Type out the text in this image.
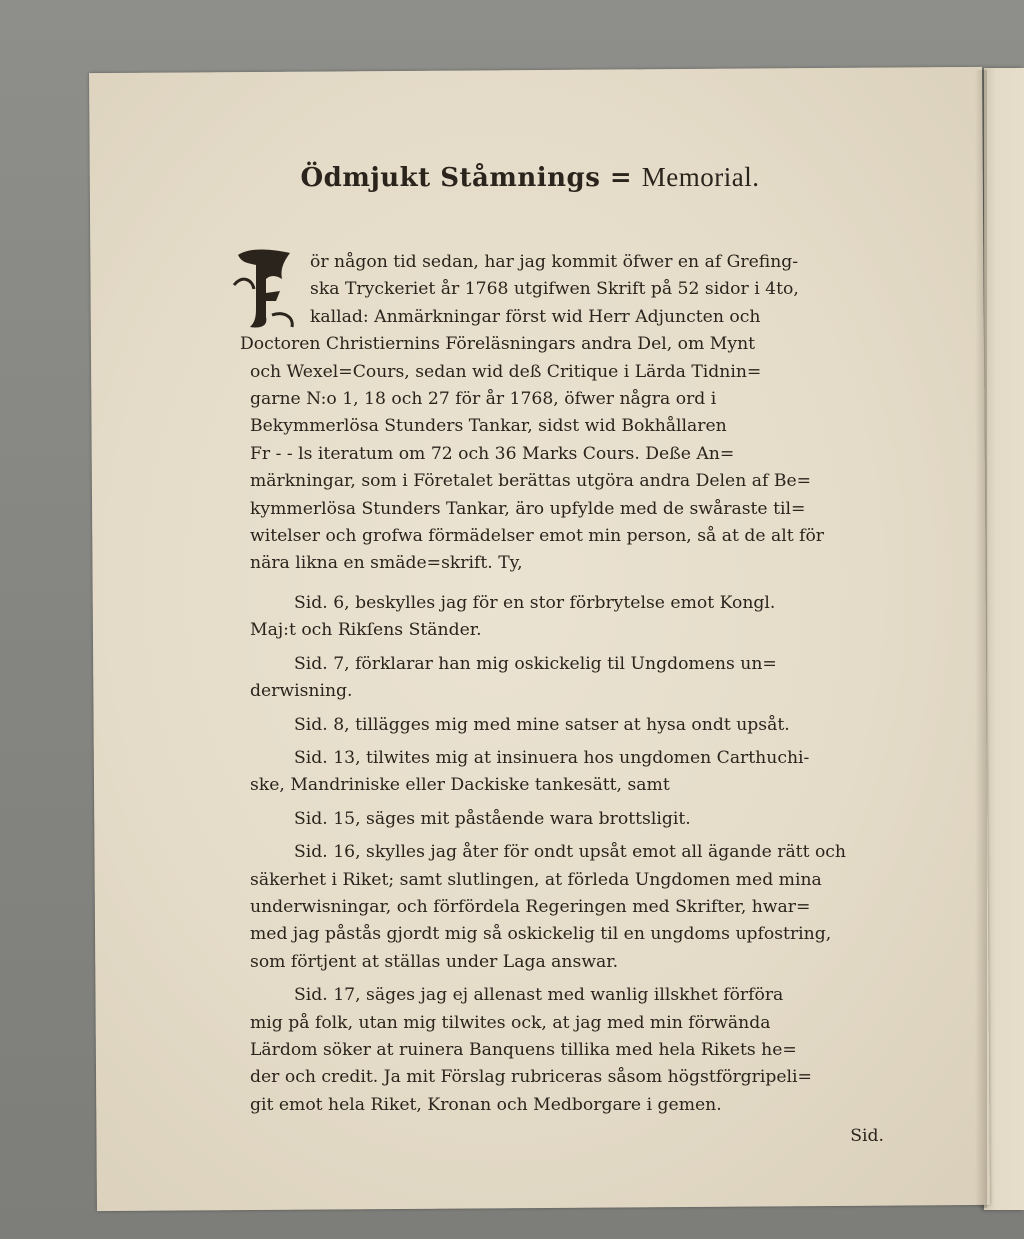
Ödmjukt Ståmnings = Memorial.
F
ör någon tid sedan, har jag kommit öfwer en af Grefing-
ska Tryckeriet år 1768 utgifwen Skrift på 52 sidor i 4to,
kallad: Anmärkningar först wid Herr Adjuncten och
Doctoren Christiernins Föreläsningars andra Del, om Mynt
och Wexel=Cours, sedan wid deß Critique i Lärda Tidnin=
garne N:o 1, 18 och 27 för år 1768, öfwer några ord i
Bekymmerlösa Stunders Tankar, sidst wid Bokhållaren
Fr - - ls iteratum om 72 och 36 Marks Cours. Deße An=
märkningar, som i Företalet berättas utgöra andra Delen af Be=
kymmerlösa Stunders Tankar, äro upfylde med de swåraste til=
witelser och grofwa förmädelser emot min person, så at de alt för
nära likna en smäde=skrift. Ty,
Sid. 6, beskylles jag för en stor förbrytelse emot Kongl.
Maj:t och Rikſens Ständer.
Sid. 7, förklarar han mig oskickelig til Ungdomens un=
derwisning.
Sid. 8, tillägges mig med mine satser at hysa ondt upsåt.
Sid. 13, tilwites mig at insinuera hos ungdomen Carthuchi-
ske, Mandriniske eller Dackiske tankesätt, samt
Sid. 15, säges mit påstående wara brottsligit.
Sid. 16, skylles jag åter för ondt upsåt emot all ägande rätt och
säkerhet i Riket; samt slutlingen, at förleda Ungdomen med mina
underwisningar, och förfördela Regeringen med Skrifter, hwar=
med jag påstås gjordt mig så oskickelig til en ungdoms upfostring,
som förtjent at ställas under Laga answar.
Sid. 17, säges jag ej allenast med wanlig illskhet förföra
mig på folk, utan mig tilwites ock, at jag med min förwända
Lärdom söker at ruinera Banquens tillika med hela Rikets he=
der och credit. Ja mit Förslag rubriceras såsom högstförgripeli=
git emot hela Riket, Kronan och Medborgare i gemen.
Sid.
